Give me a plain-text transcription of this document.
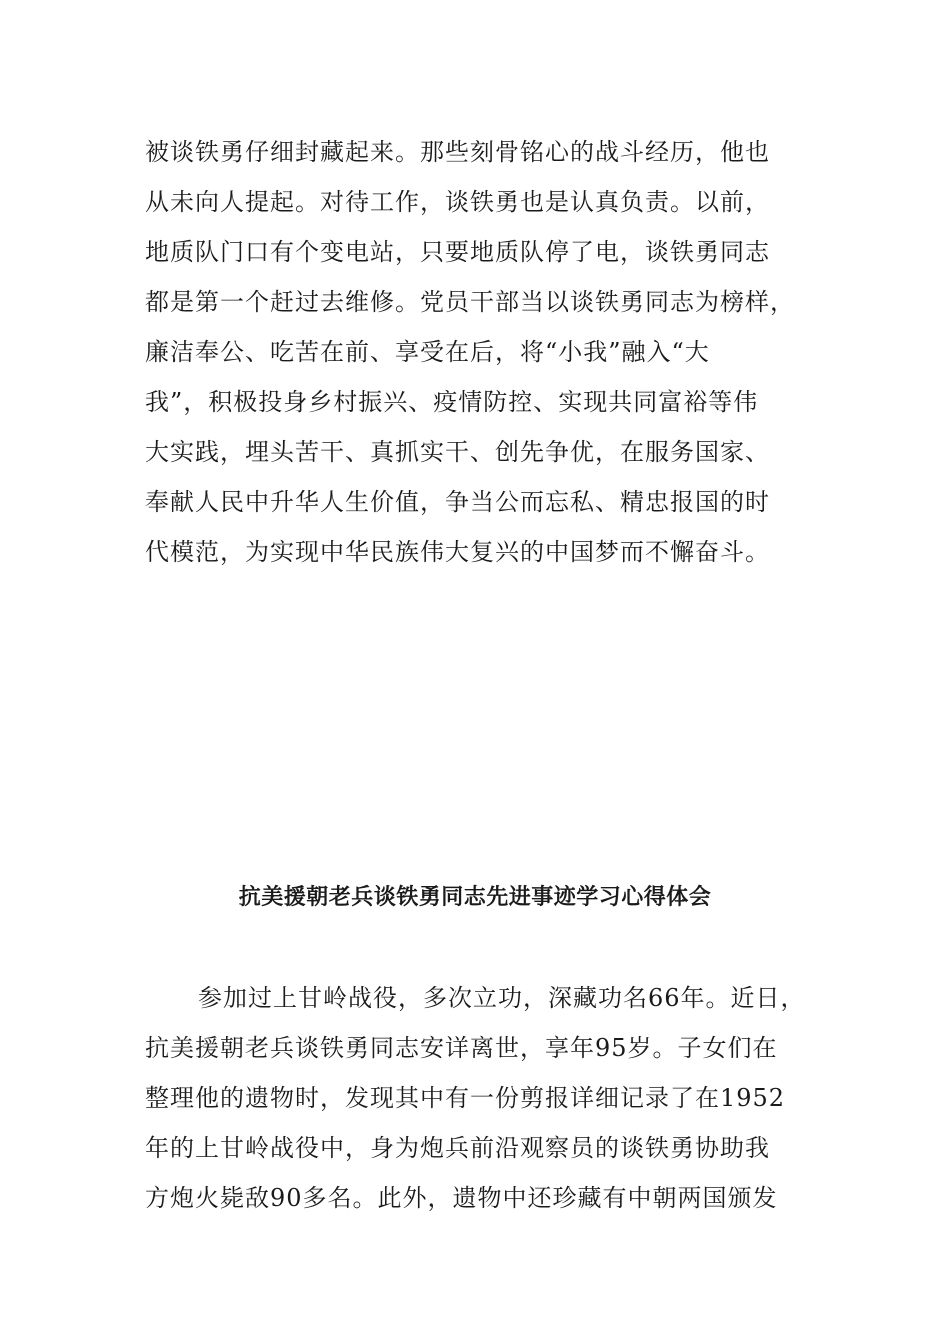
被谈铁勇仔细封藏起来。那些刻骨铭心的战斗经历，他也
从未向人提起。对待工作，谈铁勇也是认真负责。以前，
地质队门口有个变电站，只要地质队停了电，谈铁勇同志
都是第一个赶过去维修。党员干部当以谈铁勇同志为榜样，
廉洁奉公、吃苦在前、享受在后，将“小我”融入“大
我”，积极投身乡村振兴、疫情防控、实现共同富裕等伟
大实践，埋头苦干、真抓实干、创先争优，在服务国家、
奉献人民中升华人生价值，争当公而忘私、精忠报国的时
代模范，为实现中华民族伟大复兴的中国梦而不懈奋斗。
抗美援朝老兵谈铁勇同志先进事迹学习心得体会
参加过上甘岭战役，多次立功，深藏功名66年。近日，
抗美援朝老兵谈铁勇同志安详离世，享年95岁。子女们在
整理他的遗物时，发现其中有一份剪报详细记录了在1952
年的上甘岭战役中，身为炮兵前沿观察员的谈铁勇协助我
方炮火毙敌90多名。此外，遗物中还珍藏有中朝两国颁发
